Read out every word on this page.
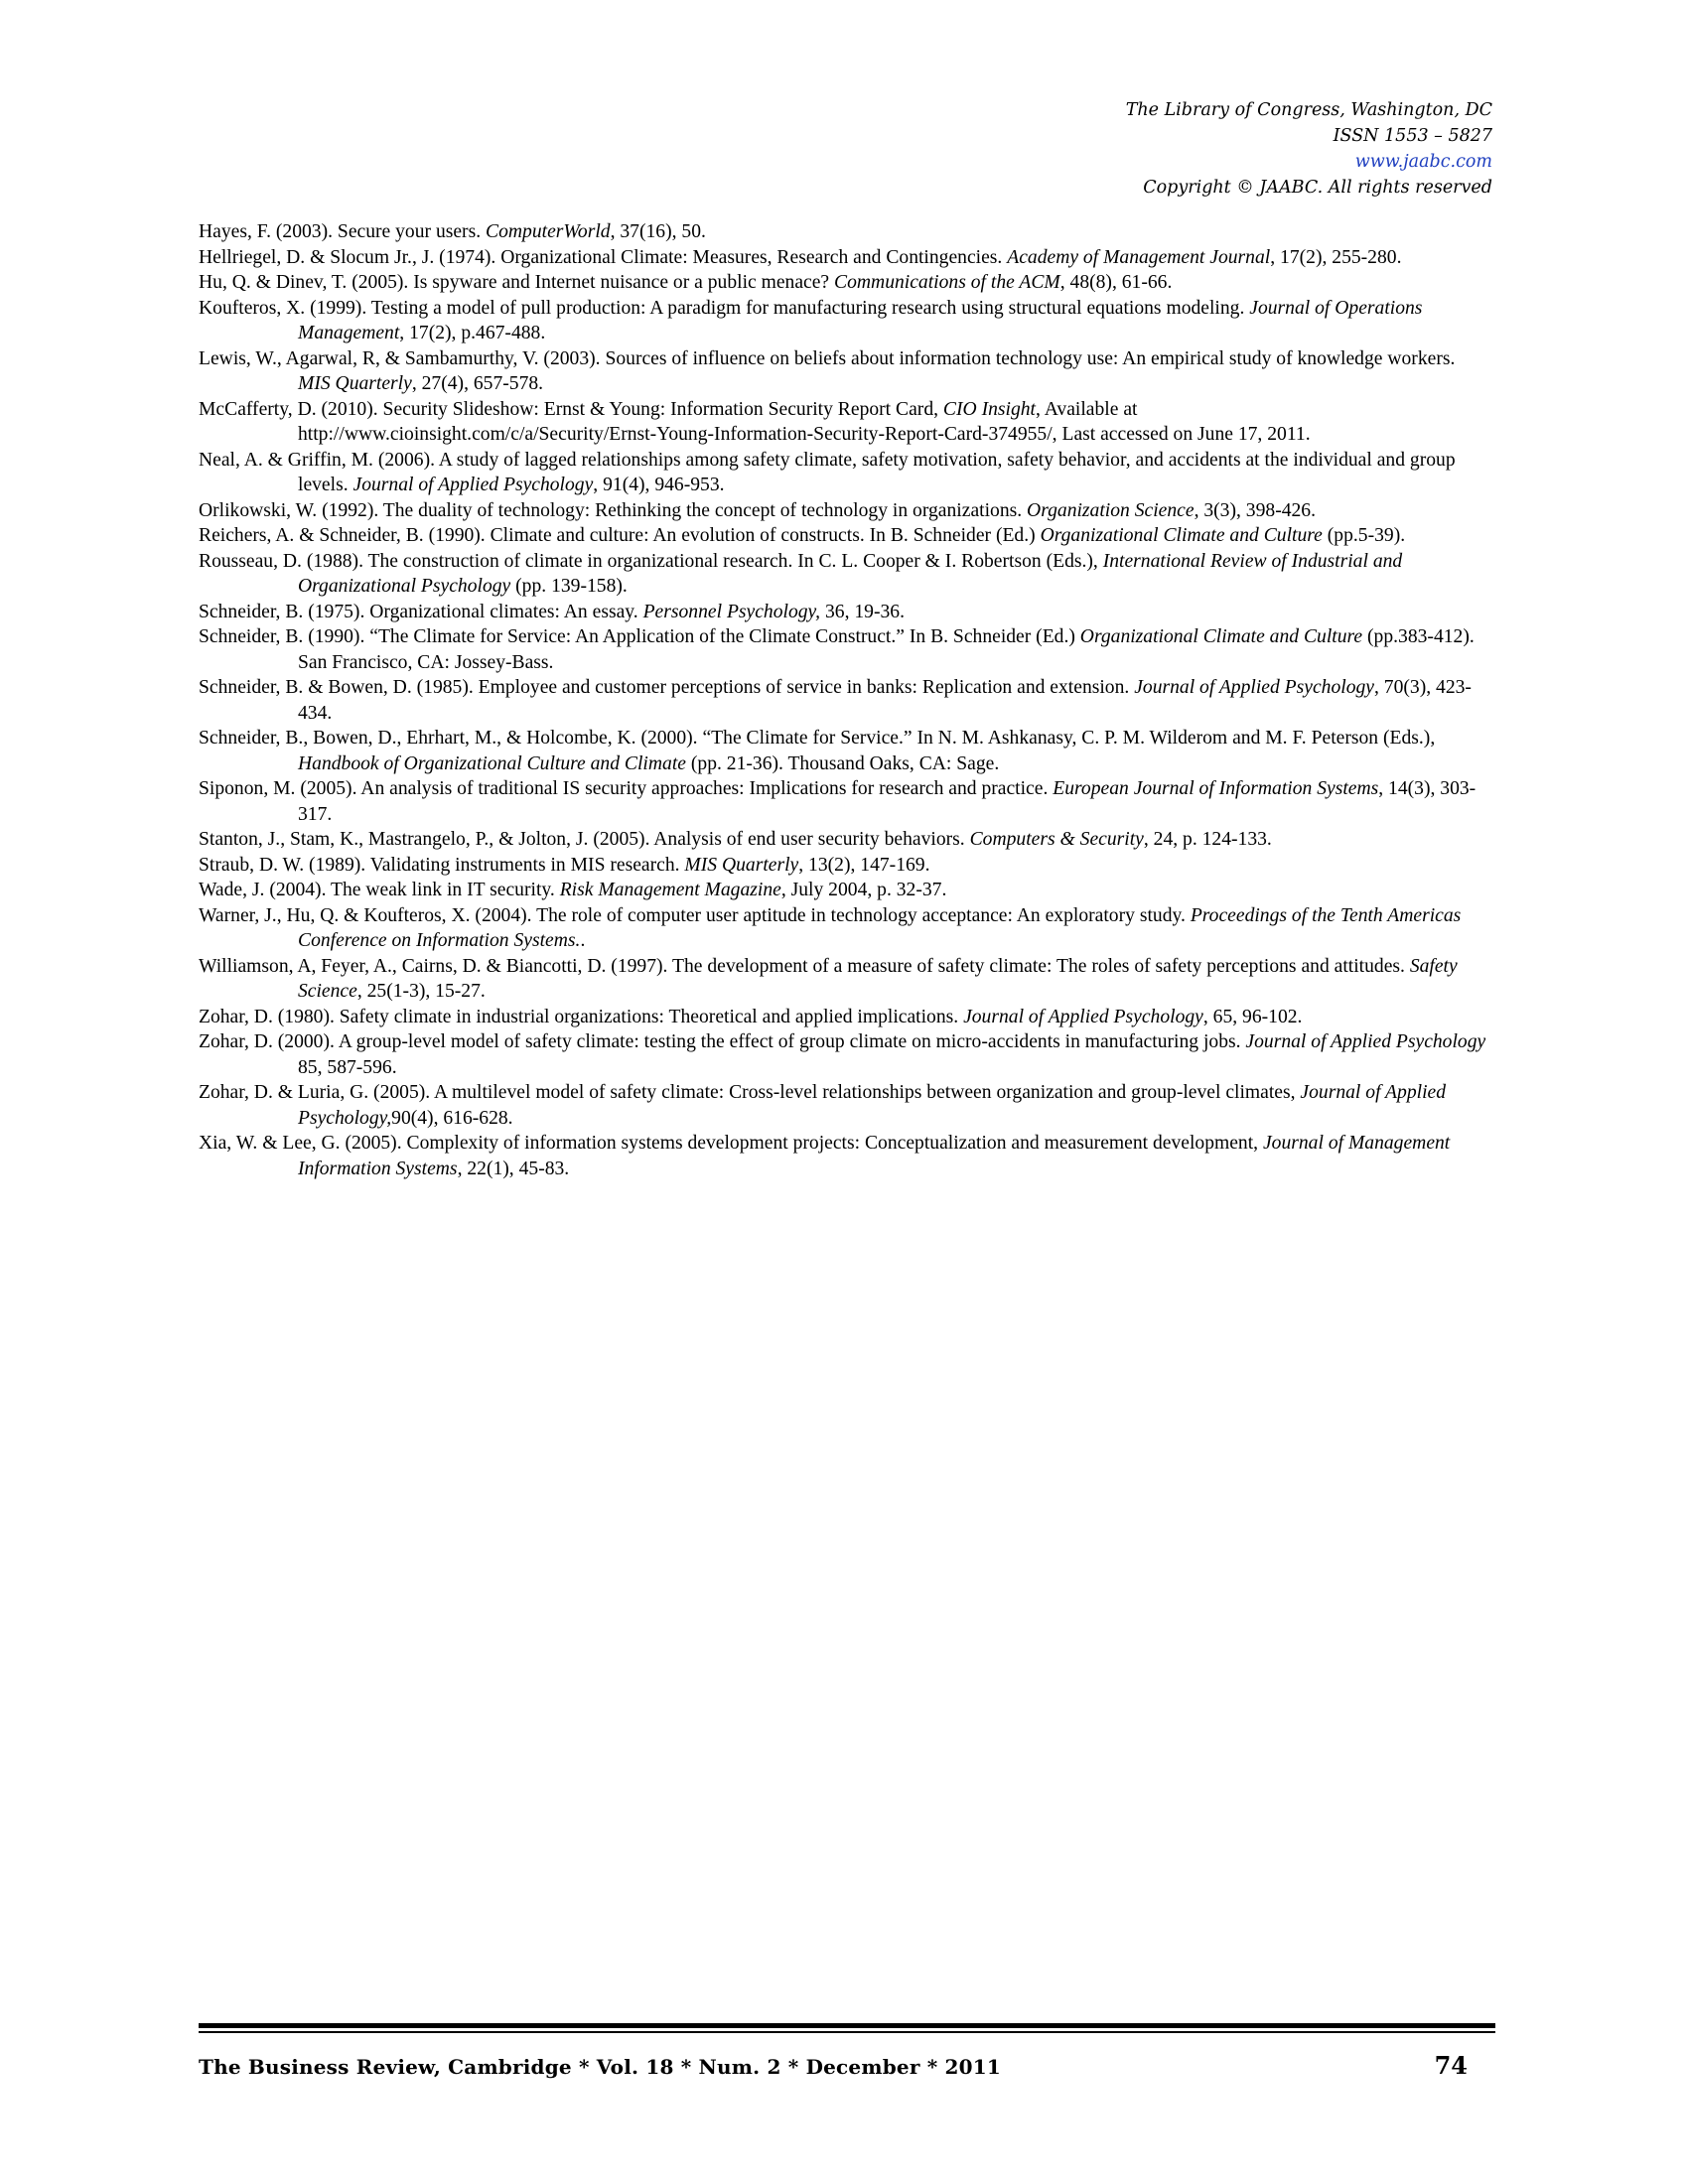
The Library of Congress, Washington, DC
ISSN 1553 – 5827
www.jaabc.com
Copyright © JAABC. All rights reserved

Hayes, F. (2003). Secure your users. ComputerWorld, 37(16), 50.

Hellriegel, D. & Slocum Jr., J. (1974). Organizational Climate: Measures, Research and Contingencies. Academy of Management Journal, 17(2), 255-280.

Hu, Q. & Dinev, T. (2005). Is spyware and Internet nuisance or a public menace? Communications of the ACM, 48(8), 61-66.

Koufteros, X. (1999). Testing a model of pull production: A paradigm for manufacturing research using structural equations modeling. Journal of Operations Management, 17(2), p.467-488.

Lewis, W., Agarwal, R, & Sambamurthy, V. (2003). Sources of influence on beliefs about information technology use: An empirical study of knowledge workers. MIS Quarterly, 27(4), 657-578.

McCafferty, D. (2010). Security Slideshow: Ernst & Young: Information Security Report Card, CIO Insight, Available at http://www.cioinsight.com/c/a/Security/Ernst-Young-Information-Security-Report-Card-374955/, Last accessed on June 17, 2011.

Neal, A. & Griffin, M. (2006). A study of lagged relationships among safety climate, safety motivation, safety behavior, and accidents at the individual and group levels. Journal of Applied Psychology, 91(4), 946-953.

Orlikowski, W. (1992). The duality of technology: Rethinking the concept of technology in organizations. Organization Science, 3(3), 398-426.

Reichers, A. & Schneider, B. (1990). Climate and culture: An evolution of constructs. In B. Schneider (Ed.) Organizational Climate and Culture (pp.5-39).

Rousseau, D. (1988). The construction of climate in organizational research. In C. L. Cooper & I. Robertson (Eds.), International Review of Industrial and Organizational Psychology (pp. 139-158).

Schneider, B. (1975). Organizational climates: An essay. Personnel Psychology, 36, 19-36.

Schneider, B. (1990). “The Climate for Service: An Application of the Climate Construct.” In B. Schneider (Ed.) Organizational Climate and Culture (pp.383-412). San Francisco, CA: Jossey-Bass.

Schneider, B. & Bowen, D. (1985). Employee and customer perceptions of service in banks: Replication and extension. Journal of Applied Psychology, 70(3), 423-434.

Schneider, B., Bowen, D., Ehrhart, M., & Holcombe, K. (2000). “The Climate for Service.” In N. M. Ashkanasy, C. P. M. Wilderom and M. F. Peterson (Eds.), Handbook of Organizational Culture and Climate (pp. 21-36). Thousand Oaks, CA: Sage.

Siponon, M. (2005). An analysis of traditional IS security approaches: Implications for research and practice. European Journal of Information Systems, 14(3), 303-317.

Stanton, J., Stam, K., Mastrangelo, P., & Jolton, J. (2005). Analysis of end user security behaviors. Computers & Security, 24, p. 124-133.

Straub, D. W. (1989). Validating instruments in MIS research. MIS Quarterly, 13(2), 147-169.

Wade, J. (2004). The weak link in IT security. Risk Management Magazine, July 2004, p. 32-37.

Warner, J., Hu, Q. & Koufteros, X. (2004). The role of computer user aptitude in technology acceptance: An exploratory study. Proceedings of the Tenth Americas Conference on Information Systems..

Williamson, A, Feyer, A., Cairns, D. & Biancotti, D. (1997). The development of a measure of safety climate: The roles of safety perceptions and attitudes. Safety Science, 25(1-3), 15-27.

Zohar, D. (1980). Safety climate in industrial organizations: Theoretical and applied implications. Journal of Applied Psychology, 65, 96-102.

Zohar, D. (2000). A group-level model of safety climate: testing the effect of group climate on micro-accidents in manufacturing jobs. Journal of Applied Psychology 85, 587-596.

Zohar, D. & Luria, G. (2005). A multilevel model of safety climate: Cross-level relationships between organization and group-level climates, Journal of Applied Psychology,90(4), 616-628.

Xia, W. & Lee, G. (2005). Complexity of information systems development projects: Conceptualization and measurement development, Journal of Management Information Systems, 22(1), 45-83.

The Business Review, Cambridge * Vol. 18 * Num. 2 * December * 2011	74
